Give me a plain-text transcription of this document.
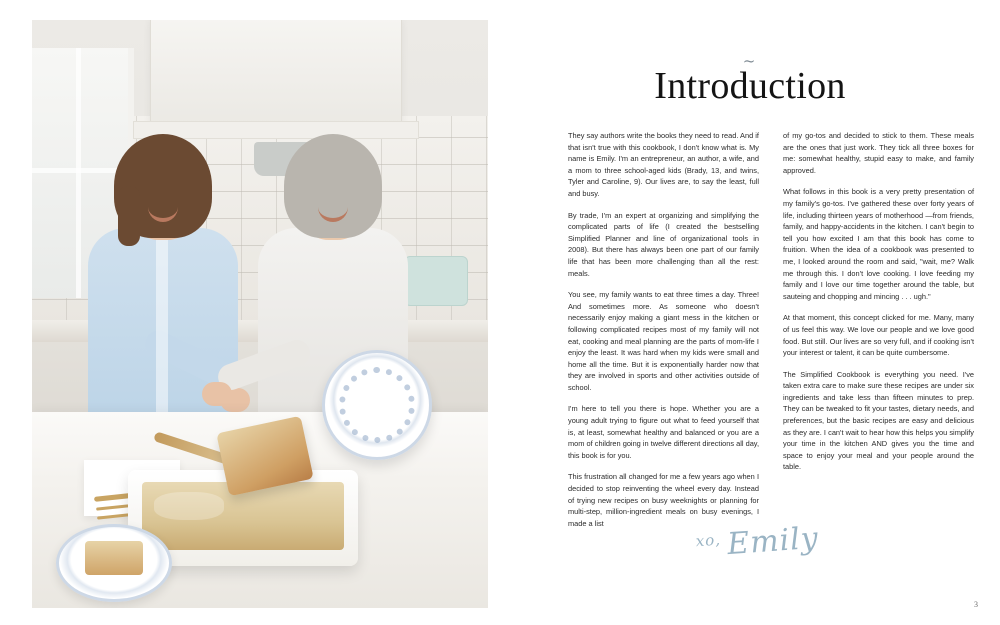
~
Introduction

They say authors write the books they need to read. And if that isn't true with this cookbook, I don't know what is. My name is Emily. I'm an entrepreneur, an author, a wife, and a mom to three school-aged kids (Brady, 13, and twins, Tyler and Caroline, 9). Our lives are, to say the least, full and busy.

By trade, I'm an expert at organizing and simplifying the complicated parts of life (I created the bestselling Simplified Planner and line of organizational tools in 2008). But there has always been one part of our family life that has been more challenging than all the rest: meals.

You see, my family wants to eat three times a day. Three! And sometimes more. As someone who doesn't necessarily enjoy making a giant mess in the kitchen or following complicated recipes most of my family will not eat, cooking and meal planning are the parts of mom-life I enjoy the least. It was hard when my kids were small and home all the time. But it is exponentially harder now that they are involved in sports and other activities outside of school.

I'm here to tell you there is hope. Whether you are a young adult trying to figure out what to feed yourself that is, at least, somewhat healthy and balanced or you are a mom of children going in twelve different directions all day, this book is for you.

This frustration all changed for me a few years ago when I decided to stop reinventing the wheel every day. Instead of trying new recipes on busy weeknights or planning for multi-step, million-ingredient meals on busy evenings, I made a list

of my go-tos and decided to stick to them. These meals are the ones that just work. They tick all three boxes for me: somewhat healthy, stupid easy to make, and family approved.

What follows in this book is a very pretty presentation of my family's go-tos. I've gathered these over forty years of life, including thirteen years of motherhood —from friends, family, and happy-accidents in the kitchen. I can't begin to tell you how excited I am that this book has come to fruition. When the idea of a cookbook was presented to me, I looked around the room and said, "wait, me? Walk me through this. I don't love cooking. I love feeding my family and I love our time together around the table, but sauteing and chopping and mincing . . . ugh."

At that moment, this concept clicked for me. Many, many of us feel this way. We love our people and we love good food. But still. Our lives are so very full, and if cooking isn't your interest or talent, it can be quite cumbersome.

The Simplified Cookbook is everything you need. I've taken extra care to make sure these recipes are under six ingredients and take less than fifteen minutes to prep. They can be tweaked to fit your tastes, dietary needs, and preferences, but the basic recipes are easy and delicious as they are. I can't wait to hear how this helps you simplify your time in the kitchen AND gives you the time and space to enjoy your meal and your people around the table.

$^{xo,}$ Emily
3
